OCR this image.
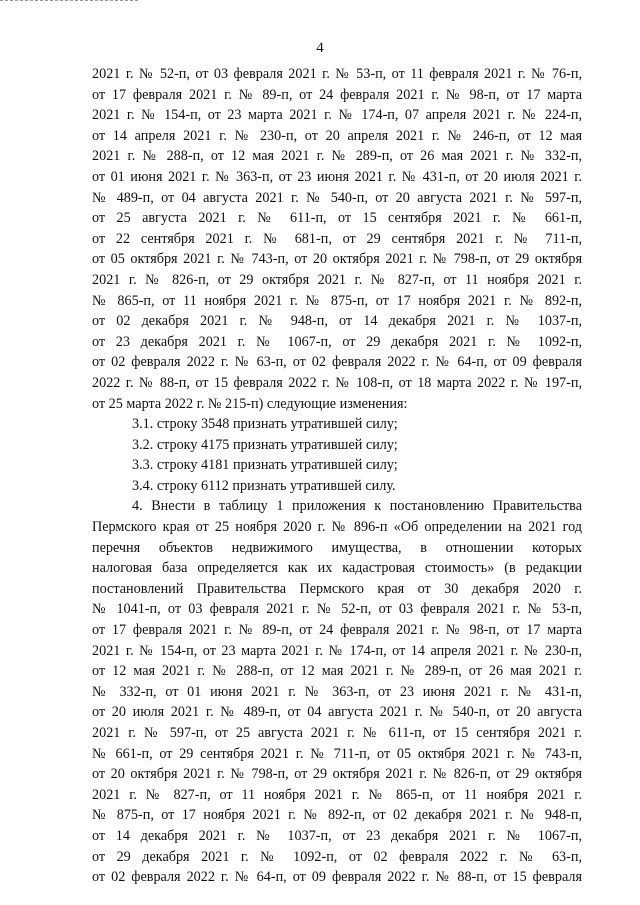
4
2021 г. № 52-п, от 03 февраля 2021 г. № 53-п, от 11 февраля 2021 г. № 76-п,
от 17 февраля 2021 г. № 89-п, от 24 февраля 2021 г. № 98-п, от 17 марта
2021 г. № 154-п, от 23 марта 2021 г. № 174-п, 07 апреля 2021 г. № 224-п,
от 14 апреля 2021 г. № 230-п, от 20 апреля 2021 г. № 246-п, от 12 мая
2021 г. № 288-п, от 12 мая 2021 г. № 289-п, от 26 мая 2021 г. № 332-п,
от 01 июня 2021 г. № 363-п, от 23 июня 2021 г. № 431-п, от 20 июля 2021 г.
№ 489-п, от 04 августа 2021 г. № 540-п, от 20 августа 2021 г. № 597-п,
от 25 августа 2021 г. № 611-п, от 15 сентября 2021 г. № 661-п,
от 22 сентября 2021 г. № 681-п, от 29 сентября 2021 г. № 711-п,
от 05 октября 2021 г. № 743-п, от 20 октября 2021 г. № 798-п, от 29 октября
2021 г. № 826-п, от 29 октября 2021 г. № 827-п, от 11 ноября 2021 г.
№ 865-п, от 11 ноября 2021 г. № 875-п, от 17 ноября 2021 г. № 892-п,
от 02 декабря 2021 г. № 948-п, от 14 декабря 2021 г. № 1037-п,
от 23 декабря 2021 г. № 1067-п, от 29 декабря 2021 г. № 1092-п,
от 02 февраля 2022 г. № 63-п, от 02 февраля 2022 г. № 64-п, от 09 февраля
2022 г. № 88-п, от 15 февраля 2022 г. № 108-п, от 18 марта 2022 г. № 197-п,
от 25 марта 2022 г. № 215-п) следующие изменения:
3.1. строку 3548 признать утратившей силу;
3.2. строку 4175 признать утратившей силу;
3.3. строку 4181 признать утратившей силу;
3.4. строку 6112 признать утратившей силу.
4. Внести в таблицу 1 приложения к постановлению Правительства
Пермского края от 25 ноября 2020 г. № 896-п «Об определении на 2021 год
перечня объектов недвижимого имущества, в отношении которых
налоговая база определяется как их кадастровая стоимость» (в редакции
постановлений Правительства Пермского края от 30 декабря 2020 г.
№ 1041-п, от 03 февраля 2021 г. № 52-п, от 03 февраля 2021 г. № 53-п,
от 17 февраля 2021 г. № 89-п, от 24 февраля 2021 г. № 98-п, от 17 марта
2021 г. № 154-п, от 23 марта 2021 г. № 174-п, от 14 апреля 2021 г. № 230-п,
от 12 мая 2021 г. № 288-п, от 12 мая 2021 г. № 289-п, от 26 мая 2021 г.
№ 332-п, от 01 июня 2021 г. № 363-п, от 23 июня 2021 г. № 431-п,
от 20 июля 2021 г. № 489-п, от 04 августа 2021 г. № 540-п, от 20 августа
2021 г. № 597-п, от 25 августа 2021 г. № 611-п, от 15 сентября 2021 г.
№ 661-п, от 29 сентября 2021 г. № 711-п, от 05 октября 2021 г. № 743-п,
от 20 октября 2021 г. № 798-п, от 29 октября 2021 г. № 826-п, от 29 октября
2021 г. № 827-п, от 11 ноября 2021 г. № 865-п, от 11 ноября 2021 г.
№ 875-п, от 17 ноября 2021 г. № 892-п, от 02 декабря 2021 г. № 948-п,
от 14 декабря 2021 г. № 1037-п, от 23 декабря 2021 г. № 1067-п,
от 29 декабря 2021 г. № 1092-п, от 02 февраля 2022 г. № 63-п,
от 02 февраля 2022 г. № 64-п, от 09 февраля 2022 г. № 88-п, от 15 февраля
